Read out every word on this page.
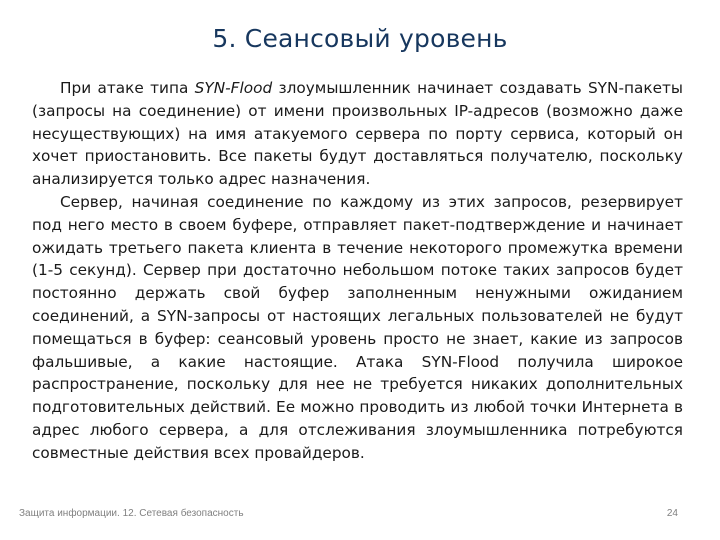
5. Сеансовый уровень

При атаке типа SYN-Flood злоумышленник начинает создавать SYN-пакеты (запросы на соединение) от имени произвольных IP-адресов (возможно даже несуществующих) на имя атакуемого сервера по порту сервиса, который он хочет приостановить. Все пакеты будут доставляться получателю, поскольку анализируется только адрес назначения.

Сервер, начиная соединение по каждому из этих запросов, резервирует под него место в своем буфере, отправляет пакет-подтверждение и начинает ожидать третьего пакета клиента в течение некоторого промежутка времени (1-5 секунд). Сервер при достаточно небольшом потоке таких запросов будет постоянно держать свой буфер заполненным ненужными ожиданием соединений, а SYN-запросы от настоящих легальных пользователей не будут помещаться в буфер: сеансовый уровень просто не знает, какие из запросов фальшивые, а какие настоящие. Атака SYN-Flood получила широкое распространение, поскольку для нее не требуется никаких дополнительных подготовительных действий. Ее можно проводить из любой точки Интернета в адрес любого сервера, а для отслеживания злоумышленника потребуются совместные действия всех провайдеров.

Защита информации. 12. Сетевая безопасность	24
